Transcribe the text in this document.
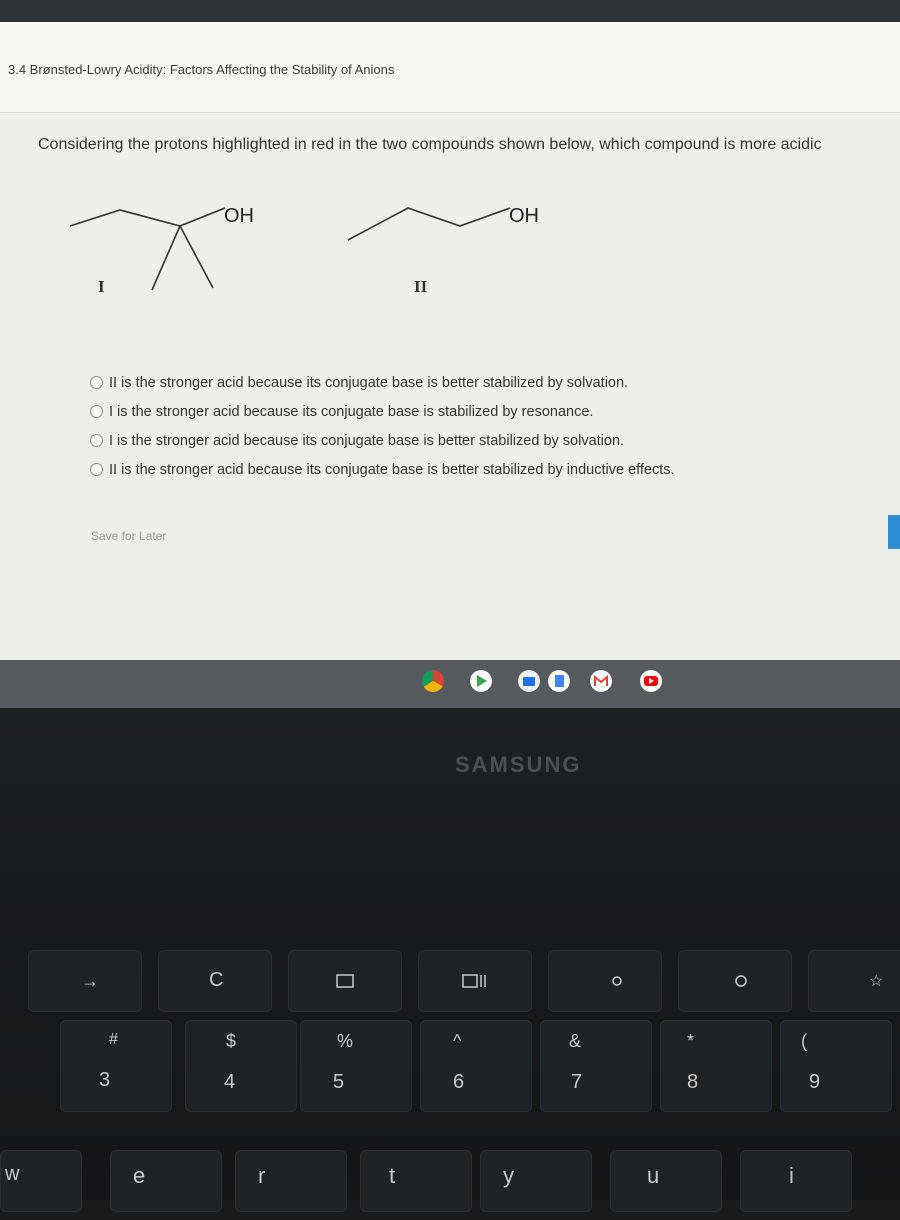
3.4 Brønsted-Lowry Acidity: Factors Affecting the Stability of Anions
Considering the protons highlighted in red in the two compounds shown below, which compound is more acidic
OH
I
OH
II
II is the stronger acid because its conjugate base is better stabilized by solvation.
I is the stronger acid because its conjugate base is stabilized by resonance.
I is the stronger acid because its conjugate base is better stabilized by solvation.
II is the stronger acid because its conjugate base is better stabilized by inductive effects.
Save for Later
SAMSUNG
→	C	☆
#
3
$
4
%
5
^
6
&
7
*
8
(
9
w	e	r	t	y	u	i
